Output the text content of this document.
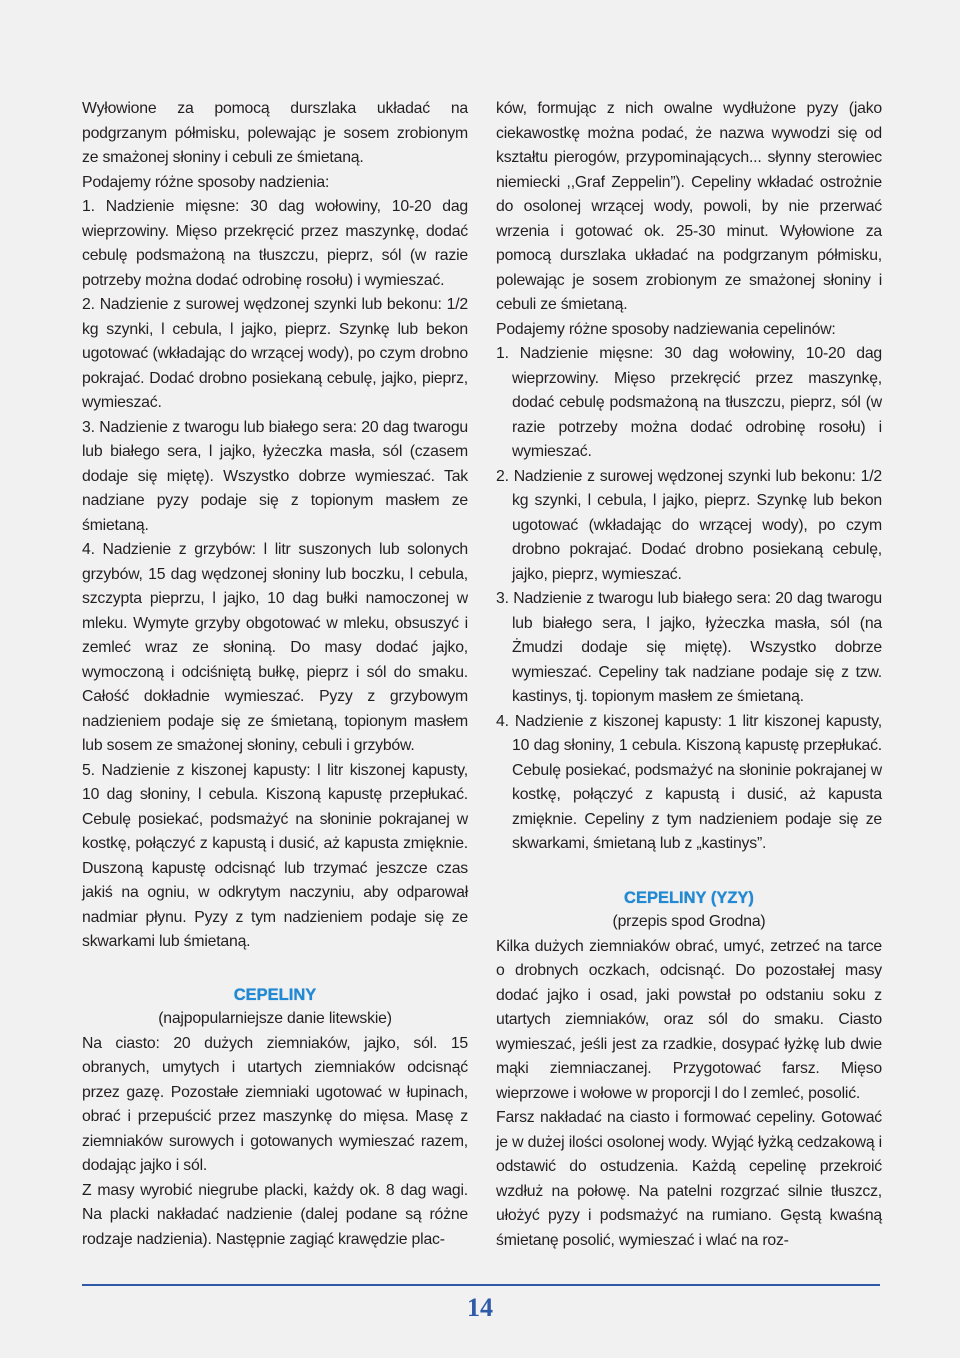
Wyłowione za pomocą durszlaka układać na podgrzanym półmisku, polewając je sosem zrobionym ze smażonej słoniny i cebuli ze śmietaną.

Podajemy różne sposoby nadzienia:

1. Nadzienie mięsne: 30 dag wołowiny, 10-20 dag wieprzowiny. Mięso przekręcić przez maszynkę, dodać cebulę podsmażoną na tłuszczu, pieprz, sól (w razie potrzeby można dodać odrobinę rosołu) i wymieszać.

2. Nadzienie z surowej wędzonej szynki lub bekonu: 1/2 kg szynki, l cebula, l jajko, pieprz. Szynkę lub bekon ugotować (wkładając do wrzącej wody), po czym drobno pokrajać. Dodać drobno posiekaną cebulę, jajko, pieprz, wymieszać.

3. Nadzienie z twarogu lub białego sera: 20 dag twarogu lub białego sera, l jajko, łyżeczka masła, sól (czasem dodaje się miętę). Wszystko dobrze wymieszać. Tak nadziane pyzy podaje się z topionym masłem ze śmietaną.

4. Nadzienie z grzybów: l litr suszonych lub solonych grzybów, 15 dag wędzonej słoniny lub boczku, l cebula, szczypta pieprzu, l jajko, 10 dag bułki namoczonej w mleku. Wymyte grzyby obgotować w mleku, obsuszyć i zemleć wraz ze słoniną. Do masy dodać jajko, wymoczoną i odciśniętą bułkę, pieprz i sól do smaku. Całość dokładnie wymieszać. Pyzy z grzybowym nadzieniem podaje się ze śmietaną, topionym masłem lub sosem ze smażonej słoniny, cebuli i grzybów.

5. Nadzienie z kiszonej kapusty: l litr kiszonej kapusty, 10 dag słoniny, l cebula. Kiszoną kapustę przepłukać. Cebulę posiekać, podsmażyć na słoninie pokrajanej w kostkę, połączyć z kapustą i dusić, aż kapusta zmięknie. Duszoną kapustę odcisnąć lub trzymać jeszcze czas jakiś na ogniu, w odkrytym naczyniu, aby odparował nadmiar płynu. Pyzy z tym nadzieniem podaje się ze skwarkami lub śmietaną.

CEPELINY

(najpopularniejsze danie litewskie)

Na ciasto: 20 dużych ziemniaków, jajko, sól. 15 obranych, umytych i utartych ziemniaków odcisnąć przez gazę. Pozostałe ziemniaki ugotować w łupinach, obrać i przepuścić przez maszynkę do mięsa. Masę z ziemniaków surowych i gotowanych wymieszać razem, dodając jajko i sól.

Z masy wyrobić niegrube placki, każdy ok. 8 dag wagi. Na placki nakładać nadzienie (dalej podane są różne rodzaje nadzienia). Następnie zagiąć krawędzie plac-

ków, formując z nich owalne wydłużone pyzy (jako ciekawostkę można podać, że nazwa wywodzi się od kształtu pierogów, przypominających... słynny sterowiec niemiecki ,,Graf Zeppelin”). Cepeliny wkładać ostrożnie do osolonej wrzącej wody, powoli, by nie przerwać wrzenia i gotować ok. 25-30 minut. Wyłowione za pomocą durszlaka układać na podgrzanym półmisku, polewając je sosem zrobionym ze smażonej słoniny i cebuli ze śmietaną.

Podajemy różne sposoby nadziewania cepelinów:

1. Nadzienie mięsne: 30 dag wołowiny, 10-20 dag wieprzowiny. Mięso przekręcić przez maszynkę, dodać cebulę podsmażoną na tłuszczu, pieprz, sól (w razie potrzeby można dodać odrobinę rosołu) i wymieszać.

2. Nadzienie z surowej wędzonej szynki lub bekonu: 1/2 kg szynki, l cebula, l jajko, pieprz. Szynkę lub bekon ugotować (wkładając do wrzącej wody), po czym drobno pokrajać. Dodać drobno posiekaną cebulę, jajko, pieprz, wymieszać.

3. Nadzienie z twarogu lub białego sera: 20 dag twarogu lub białego sera, l jajko, łyżeczka masła, sól (na Żmudzi dodaje się miętę). Wszystko dobrze wymieszać. Cepeliny tak nadziane podaje się z tzw. kastinys, tj. topionym masłem ze śmietaną.

4. Nadzienie z kiszonej kapusty: 1 litr kiszonej kapusty, 10 dag słoniny, 1 cebula. Kiszoną kapustę przepłukać. Cebulę posiekać, podsmażyć na słoninie pokrajanej w kostkę, połączyć z kapustą i dusić, aż kapusta zmięknie. Cepeliny z tym nadzieniem podaje się ze skwarkami, śmietaną lub z „kastinys”.

CEPELINY (YZY)

(przepis spod Grodna)

Kilka dużych ziemniaków obrać, umyć, zetrzeć na tarce o drobnych oczkach, odcisnąć. Do pozostałej masy dodać jajko i osad, jaki powstał po odstaniu soku z utartych ziemniaków, oraz sól do smaku. Ciasto wymieszać, jeśli jest za rzadkie, dosypać łyżkę lub dwie mąki ziemniaczanej. Przygotować farsz. Mięso wieprzowe i wołowe w proporcji l do l zemleć, posolić.

Farsz nakładać na ciasto i formować cepeliny. Gotować je w dużej ilości osolonej wody. Wyjąć łyżką cedzakową i odstawić do ostudzenia. Każdą cepelinę przekroić wzdłuż na połowę. Na patelni rozgrzać silnie tłuszcz, ułożyć pyzy i podsmażyć na rumiano. Gęstą kwaśną śmietanę posolić, wymieszać i wlać na roz-

14
